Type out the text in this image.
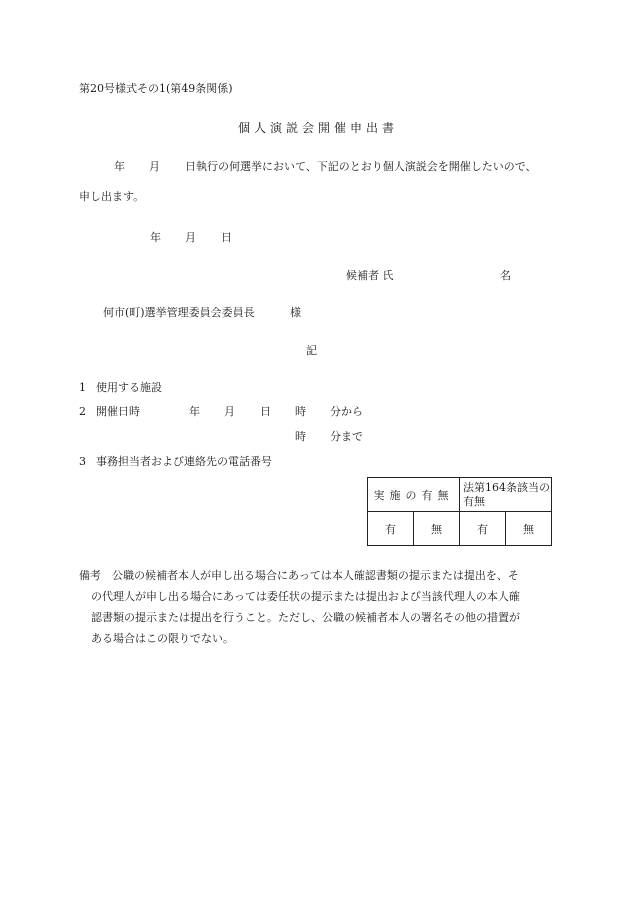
第20号様式その1(第49条関係)
個人演説会開催申出書
年 月 日執行の何選挙において、下記のとおり個人演説会を開催したいので、
申し出ます。
年 月 日
候補者 氏	名
何市(町)選挙管理委員会委員長	様
記
1 使用する施設
2 開催日時	年 月 日 時 分から
時 分まで
3 事務担当者および連絡先の電話番号
実施の有無		法第164条該当の有無	
有	無	有	無
備考　公職の候補者本人が申し出る場合にあっては本人確認書類の提示または提出を、そ
の代理人が申し出る場合にあっては委任状の提示または提出および当該代理人の本人確
認書類の提示または提出を行うこと。ただし、公職の候補者本人の署名その他の措置が
ある場合はこの限りでない。
